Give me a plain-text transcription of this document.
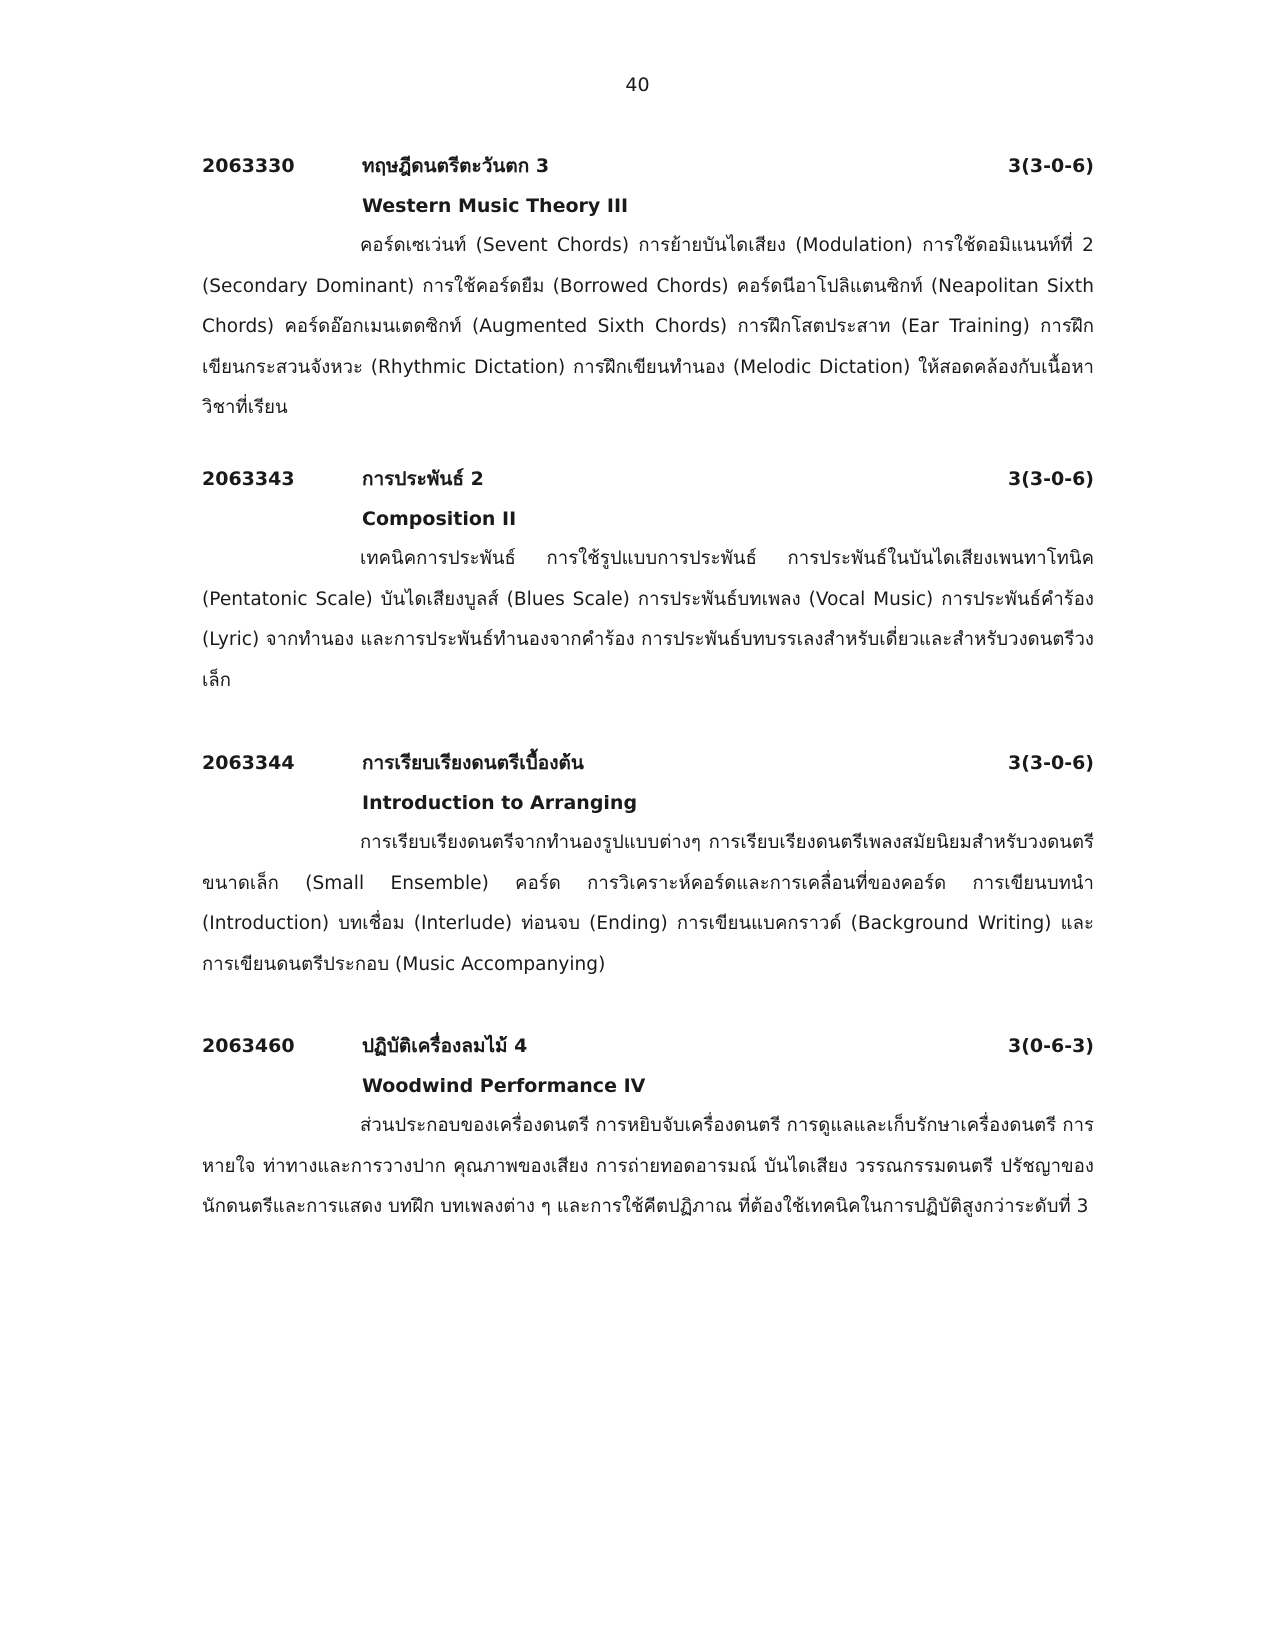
40
2063330	ทฤษฎีดนตรีตะวันตก 3	3(3-0-6)
Western Music Theory III
คอร์ดเซเว่นท์ (Sevent Chords) การย้ายบันไดเสียง (Modulation) การใช้ดอมิแนนท์ที่ 2 (Secondary Dominant) การใช้คอร์ดยืม (Borrowed Chords) คอร์ดนีอาโปลิแตนซิกท์ (Neapolitan Sixth Chords) คอร์ดอ๊อกเมนเตดซิกท์ (Augmented Sixth Chords) การฝึกโสตประสาท (Ear Training) การฝึกเขียนกระสวนจังหวะ (Rhythmic Dictation) การฝึกเขียนทำนอง (Melodic Dictation) ให้สอดคล้องกับเนื้อหาวิชาที่เรียน
2063343	การประพันธ์ 2	3(3-0-6)
Composition II
เทคนิคการประพันธ์ การใช้รูปแบบการประพันธ์ การประพันธ์ในบันไดเสียงเพนทาโทนิค (Pentatonic Scale) บันไดเสียงบูลส์ (Blues Scale) การประพันธ์บทเพลง (Vocal Music) การประพันธ์คำร้อง (Lyric) จากทำนอง และการประพันธ์ทำนองจากคำร้อง การประพันธ์บทบรรเลงสำหรับเดี่ยวและสำหรับวงดนตรีวงเล็ก
2063344	การเรียบเรียงดนตรีเบื้องต้น	3(3-0-6)
Introduction to Arranging
การเรียบเรียงดนตรีจากทำนองรูปแบบต่างๆ การเรียบเรียงดนตรีเพลงสมัยนิยมสำหรับวงดนตรีขนาดเล็ก (Small Ensemble) คอร์ด การวิเคราะห์คอร์ดและการเคลื่อนที่ของคอร์ด การเขียนบทนำ (Introduction) บทเชื่อม (Interlude) ท่อนจบ (Ending) การเขียนแบคกราวด์ (Background Writing) และการเขียนดนตรีประกอบ (Music Accompanying)
2063460	ปฏิบัติเครื่องลมไม้ 4	3(0-6-3)
Woodwind Performance IV
ส่วนประกอบของเครื่องดนตรี การหยิบจับเครื่องดนตรี การดูแลและเก็บรักษาเครื่องดนตรี การหายใจ ท่าทางและการวางปาก คุณภาพของเสียง การถ่ายทอดอารมณ์ บันไดเสียง วรรณกรรมดนตรี ปรัชญาของนักดนตรีและการแสดง บทฝึก บทเพลงต่าง ๆ และการใช้คีตปฏิภาณ ที่ต้องใช้เทคนิคในการปฏิบัติสูงกว่าระดับที่ 3
